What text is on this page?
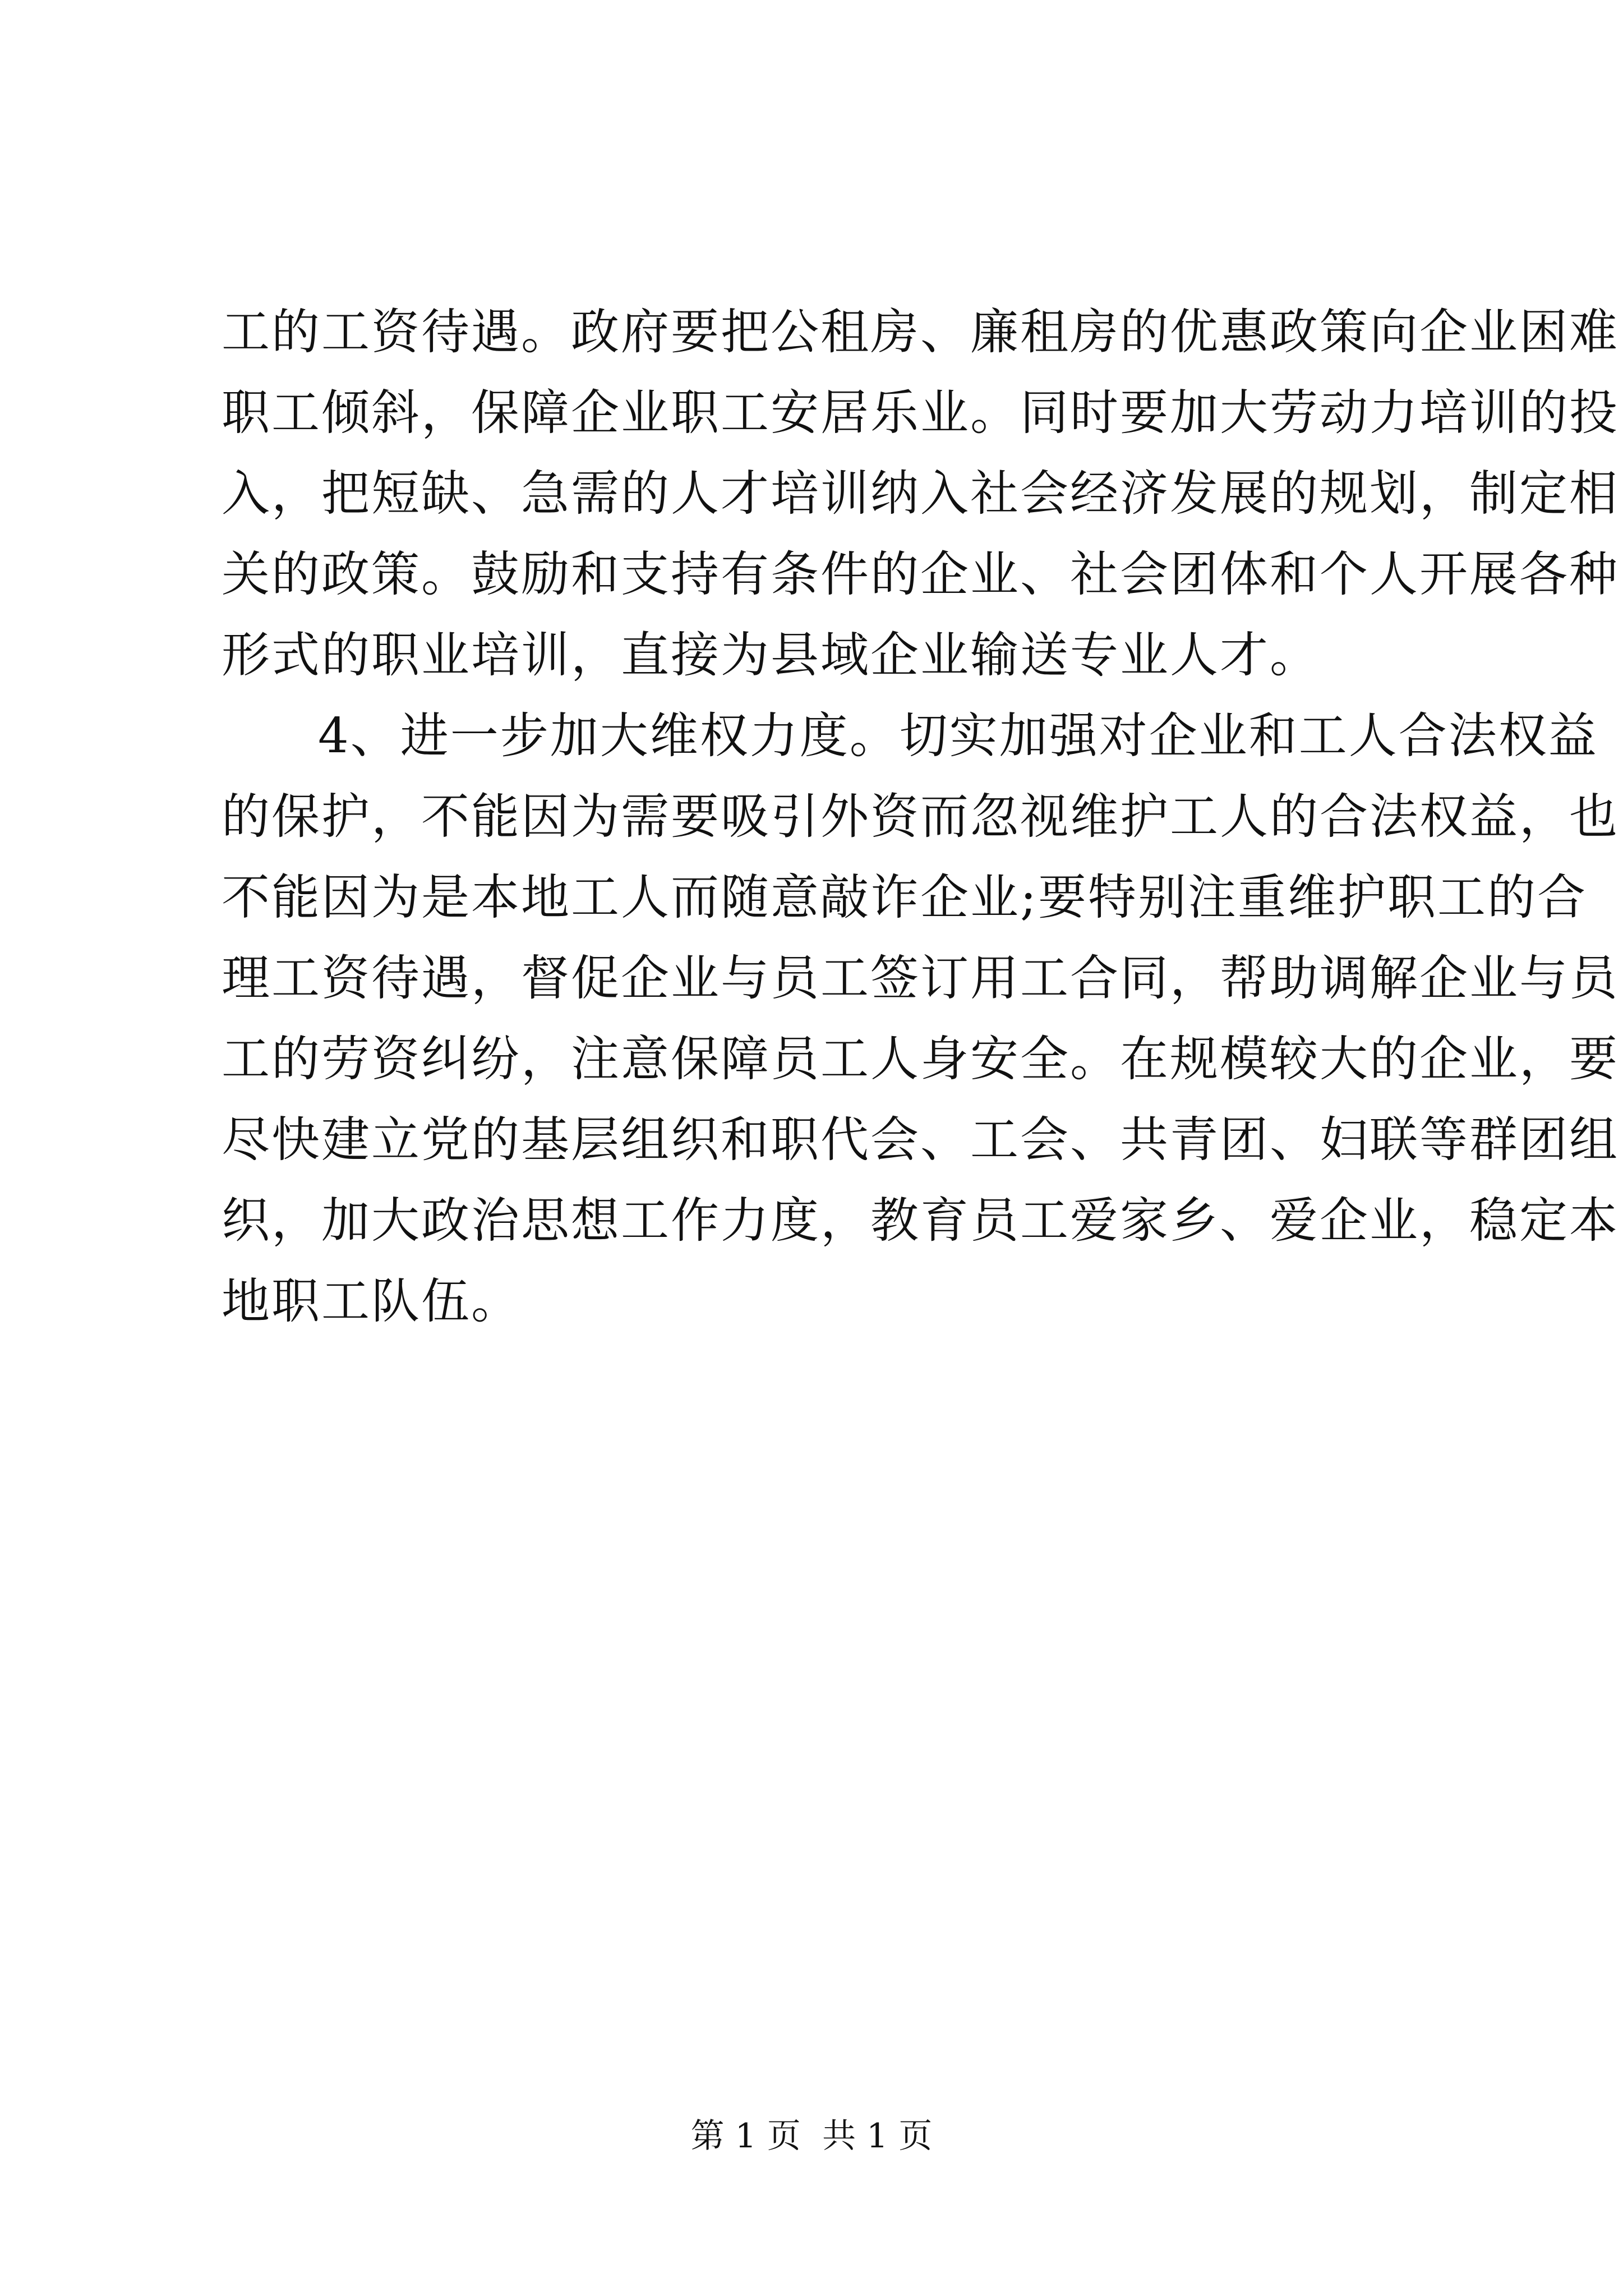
工的工资待遇。政府要把公租房、廉租房的优惠政策向企业困难
职工倾斜，保障企业职工安居乐业。同时要加大劳动力培训的投
入，把短缺、急需的人才培训纳入社会经济发展的规划，制定相
关的政策。鼓励和支持有条件的企业、社会团体和个人开展各种
形式的职业培训，直接为县域企业输送专业人才。
4、进一步加大维权力度。切实加强对企业和工人合法权益
的保护，不能因为需要吸引外资而忽视维护工人的合法权益，也
不能因为是本地工人而随意敲诈企业;要特别注重维护职工的合
理工资待遇，督促企业与员工签订用工合同，帮助调解企业与员
工的劳资纠纷，注意保障员工人身安全。在规模较大的企业，要
尽快建立党的基层组织和职代会、工会、共青团、妇联等群团组
织，加大政治思想工作力度，教育员工爱家乡、爱企业，稳定本
地职工队伍。
第 1 页  共 1 页
